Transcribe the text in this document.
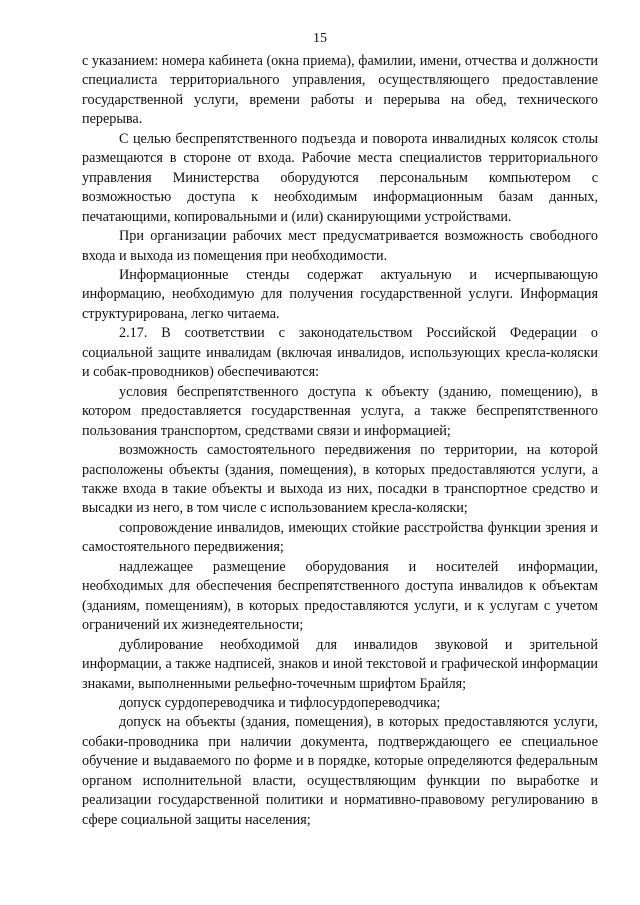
15

с указанием: номера кабинета (окна приема), фамилии, имени, отчества и должности специалиста территориального управления, осуществляющего предоставление государственной услуги, времени работы и перерыва на обед, технического перерыва.

С целью беспрепятственного подъезда и поворота инвалидных колясок столы размещаются в стороне от входа. Рабочие места специалистов территориального управления Министерства оборудуются персональным компьютером с возможностью доступа к необходимым информационным базам данных, печатающими, копировальными и (или) сканирующими устройствами.

При организации рабочих мест предусматривается возможность свободного входа и выхода из помещения при необходимости.

Информационные стенды содержат актуальную и исчерпывающую информацию, необходимую для получения государственной услуги. Информация структурирована, легко читаема.

2.17. В соответствии с законодательством Российской Федерации о социальной защите инвалидам (включая инвалидов, использующих кресла-коляски и собак-проводников) обеспечиваются:

условия беспрепятственного доступа к объекту (зданию, помещению), в котором предоставляется государственная услуга, а также беспрепятственного пользования транспортом, средствами связи и информацией;

возможность самостоятельного передвижения по территории, на которой расположены объекты (здания, помещения), в которых предоставляются услуги, а также входа в такие объекты и выхода из них, посадки в транспортное средство и высадки из него, в том числе с использованием кресла-коляски;

сопровождение инвалидов, имеющих стойкие расстройства функции зрения и самостоятельного передвижения;

надлежащее размещение оборудования и носителей информации, необходимых для обеспечения беспрепятственного доступа инвалидов к объектам (зданиям, помещениям), в которых предоставляются услуги, и к услугам с учетом ограничений их жизнедеятельности;

дублирование необходимой для инвалидов звуковой и зрительной информации, а также надписей, знаков и иной текстовой и графической информации знаками, выполненными рельефно-точечным шрифтом Брайля;

допуск сурдопереводчика и тифлосурдопереводчика;

допуск на объекты (здания, помещения), в которых предоставляются услуги, собаки-проводника при наличии документа, подтверждающего ее специальное обучение и выдаваемого по форме и в порядке, которые определяются федеральным органом исполнительной власти, осуществляющим функции по выработке и реализации государственной политики и нормативно-правовому регулированию в сфере социальной защиты населения;
